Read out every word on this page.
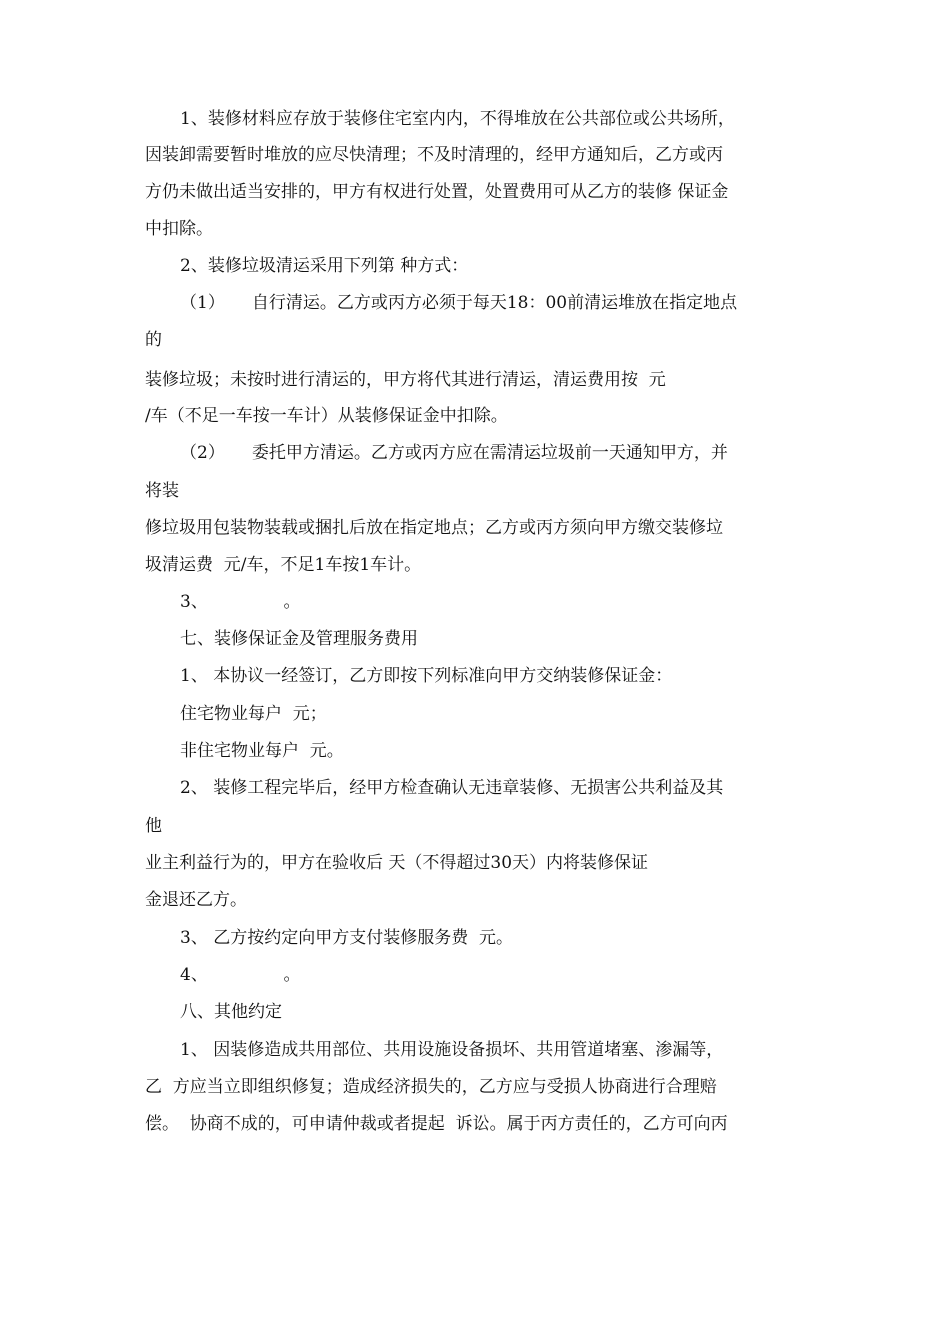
1、装修材料应存放于装修住宅室内内，不得堆放在公共部位或公共场所，
因装卸需要暂时堆放的应尽快清理；不及时清理的，经甲方通知后，乙方或丙
方仍未做出适当安排的，甲方有权进行处置，处置费用可从乙方的装修 保证金
中扣除。
2、装修垃圾清运采用下列第 种方式：
（1）     自行清运。乙方或丙方必须于每天18：00前清运堆放在指定地点
的
装修垃圾；未按时进行清运的，甲方将代其进行清运，清运费用按  元
/车（不足一车按一车计）从装修保证金中扣除。
（2）     委托甲方清运。乙方或丙方应在需清运垃圾前一天通知甲方，并
将装
修垃圾用包装物装载或捆扎后放在指定地点；乙方或丙方须向甲方缴交装修垃
圾清运费  元/车，不足1车按1车计。
3、              。
七、装修保证金及管理服务费用
1、 本协议一经签订，乙方即按下列标准向甲方交纳装修保证金：
住宅物业每户  元；
非住宅物业每户  元。
2、 装修工程完毕后，经甲方检查确认无违章装修、无损害公共利益及其
他
业主利益行为的，甲方在验收后 天（不得超过30天）内将装修保证
金退还乙方。
3、 乙方按约定向甲方支付装修服务费  元。
4、              。
八、其他约定
1、 因装修造成共用部位、共用设施设备损坏、共用管道堵塞、渗漏等，
乙  方应当立即组织修复；造成经济损失的，乙方应与受损人协商进行合理赔
偿。  协商不成的，可申请仲裁或者提起  诉讼。属于丙方责任的，乙方可向丙
